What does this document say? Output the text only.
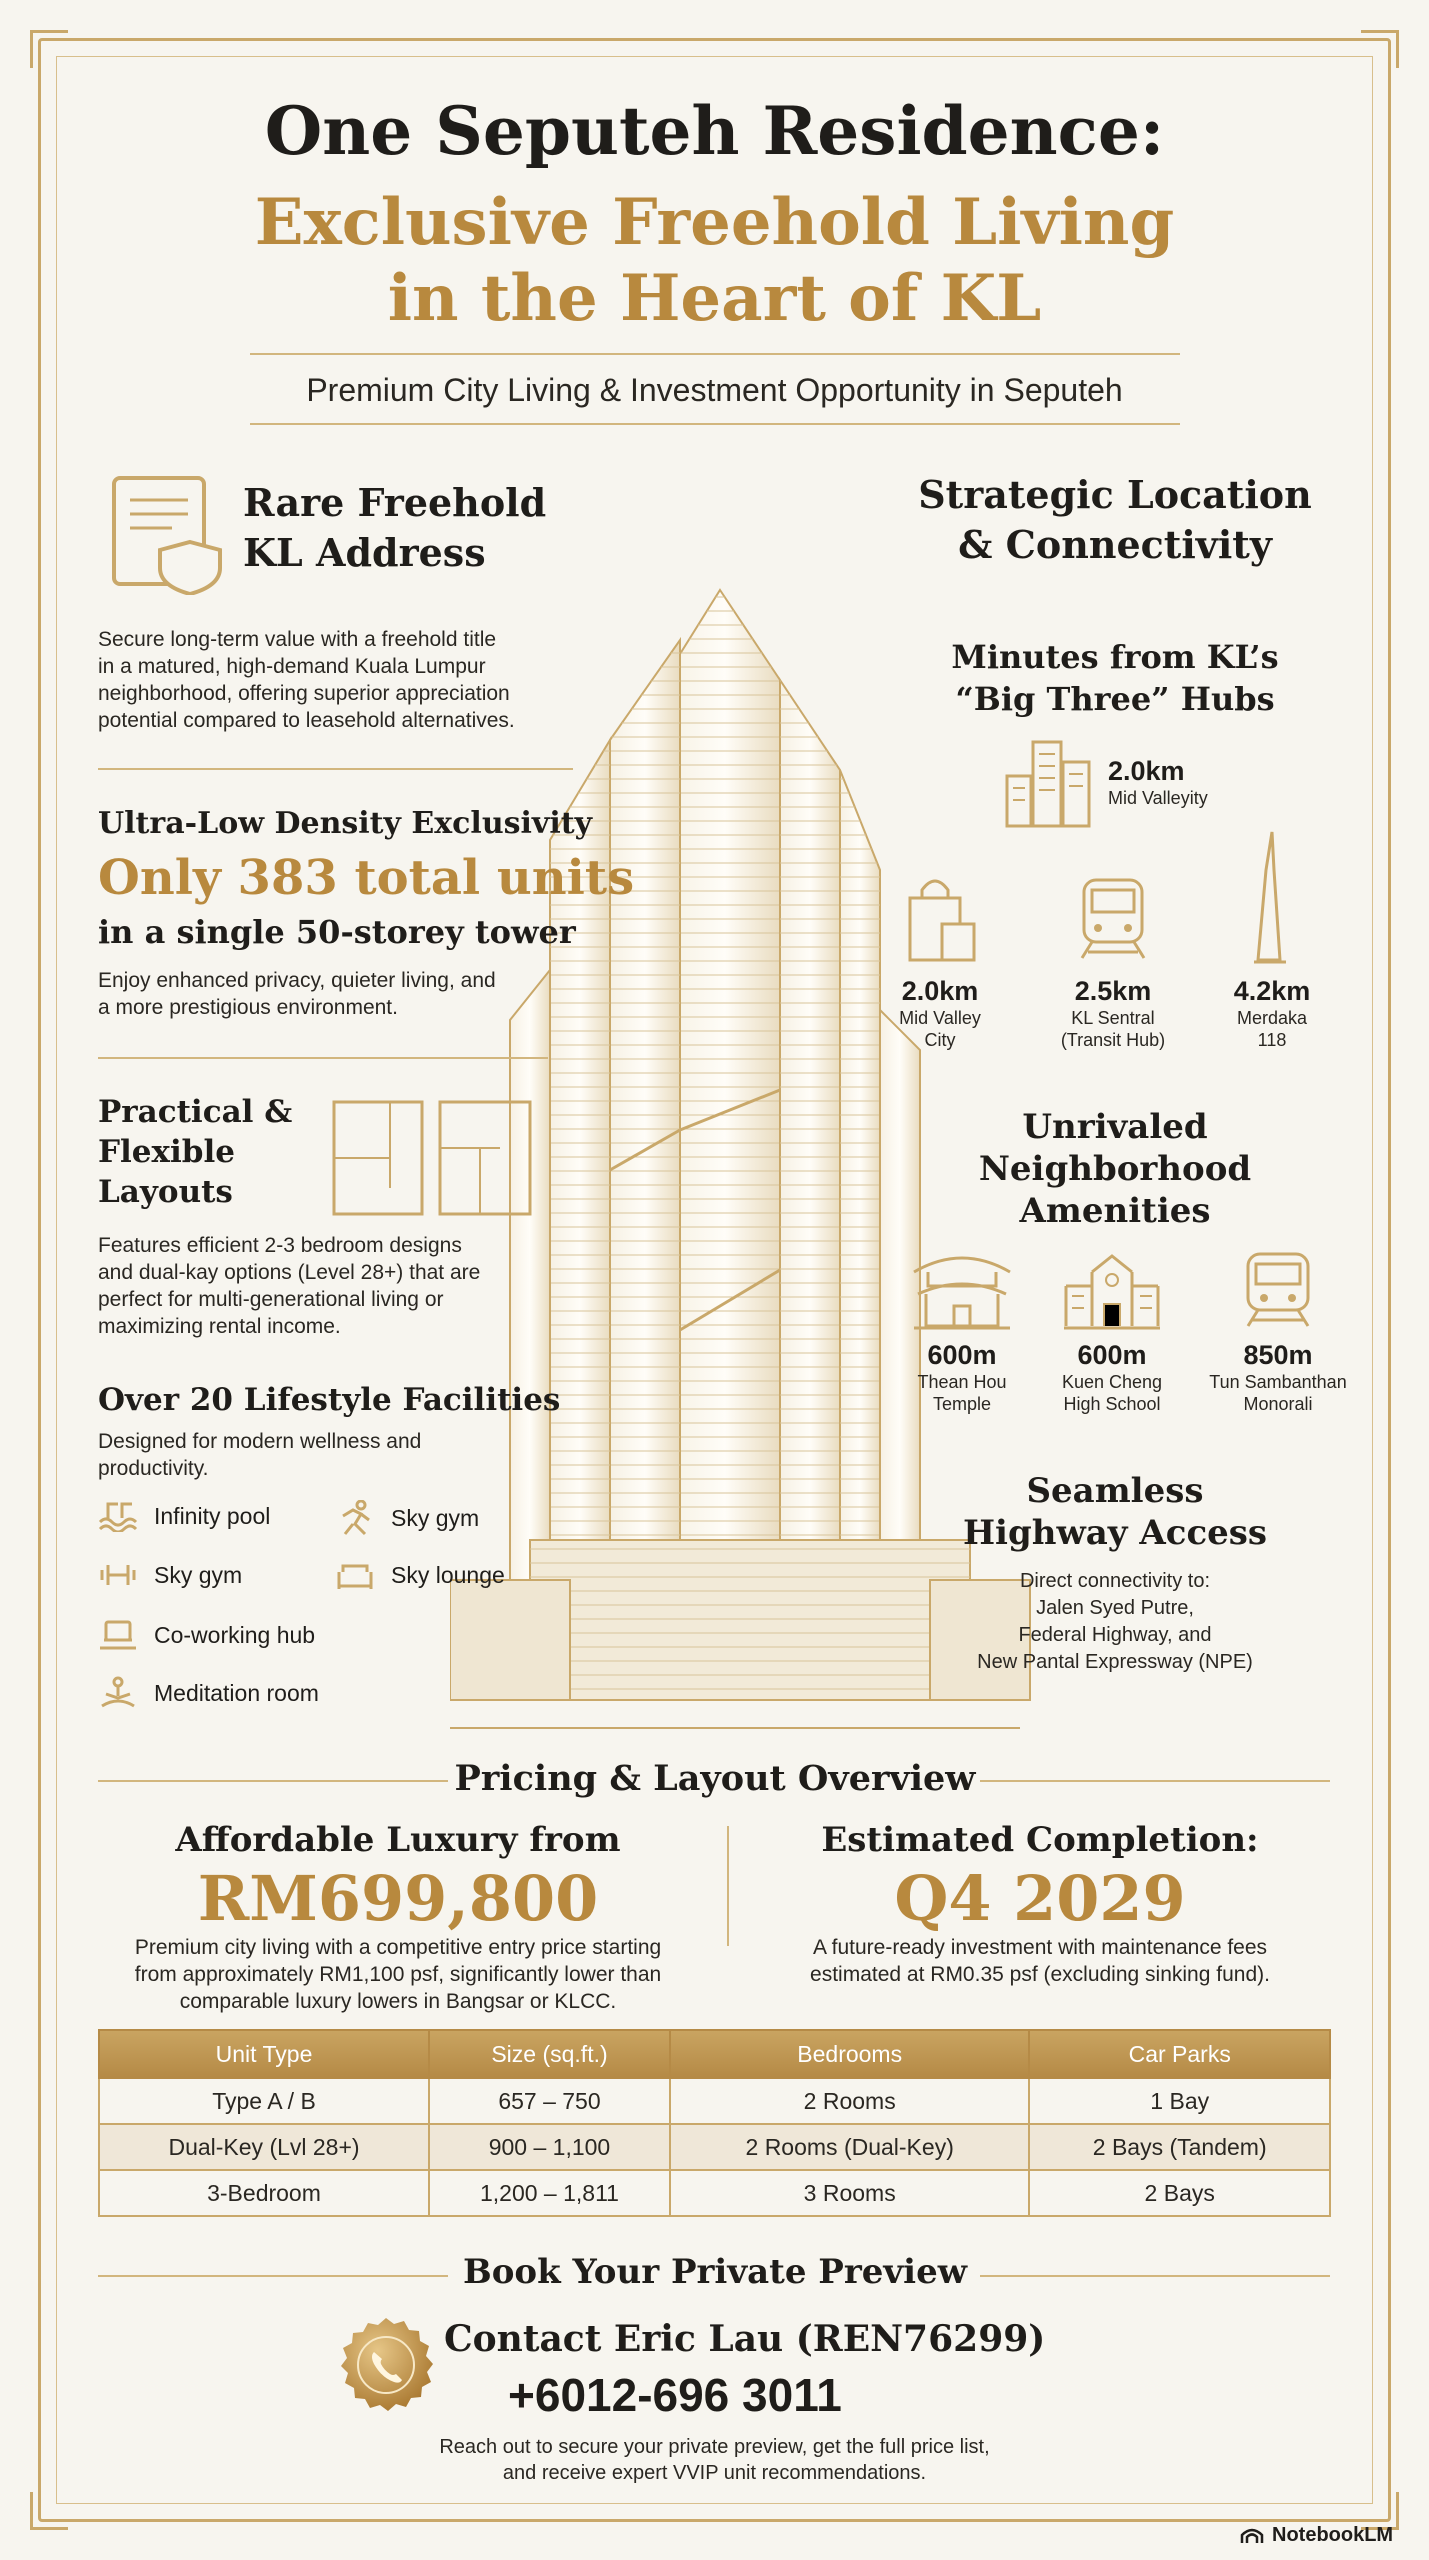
One Seputeh Residence:
Exclusive Freehold Living
in the Heart of KL
Premium City Living & Investment Opportunity in Seputeh
Rare Freehold
KL Address
Secure long-term value with a freehold title
in a matured, high-demand Kuala Lumpur
neighborhood, offering superior appreciation
potential compared to leasehold alternatives.
Ultra-Low Density Exclusivity
Only 383 total units
in a single 50-storey tower
Enjoy enhanced privacy, quieter living, and
a more prestigious environment.
Practical &
Flexible
Layouts
Features efficient 2-3 bedroom designs
and dual-kay options (Level 28+) that are
perfect for multi-generational living or
maximizing rental income.
Over 20 Lifestyle Facilities
Designed for modern wellness and
productivity.
Infinity pool	Sky gym
Sky gym	Sky lounge
Co-working hub
Meditation room
Strategic Location
& Connectivity
Minutes from KL’s
“Big Three” Hubs
2.0km
Mid Valleyity
2.0km
Mid Valley
City
2.5km
KL Sentral
(Transit Hub)
4.2km
Merdaka
118
Unrivaled
Neighborhood
Amenities
600m
Thean Hou
Temple
600m
Kuen Cheng
High School
850m
Tun Sambanthan
Monorali
Seamless
Highway Access
Direct connectivity to:
Jalen Syed Putre,
Federal Highway, and
New Pantal Expressway (NPE)
Pricing & Layout Overview
Affordable Luxury from
RM699,800
Premium city living with a competitive entry price starting
from approximately RM1,100 psf, significantly lower than
comparable luxury lowers in Bangsar or KLCC.
Estimated Completion:
Q4 2029
A future-ready investment with maintenance fees
estimated at RM0.35 psf (excluding sinking fund).
Unit Type	Size (sq.ft.)	Bedrooms	Car Parks
Type A / B	657 – 750	2 Rooms	1 Bay
Dual-Key (Lvl 28+)	900 – 1,100	2 Rooms (Dual-Key)	2 Bays (Tandem)
3-Bedroom	1,200 – 1,811	3 Rooms	2 Bays
Book Your Private Preview
Contact Eric Lau (REN76299)
+6012-696 3011
Reach out to secure your private preview, get the full price list,
and receive expert VVIP unit recommendations.
NotebookLM
